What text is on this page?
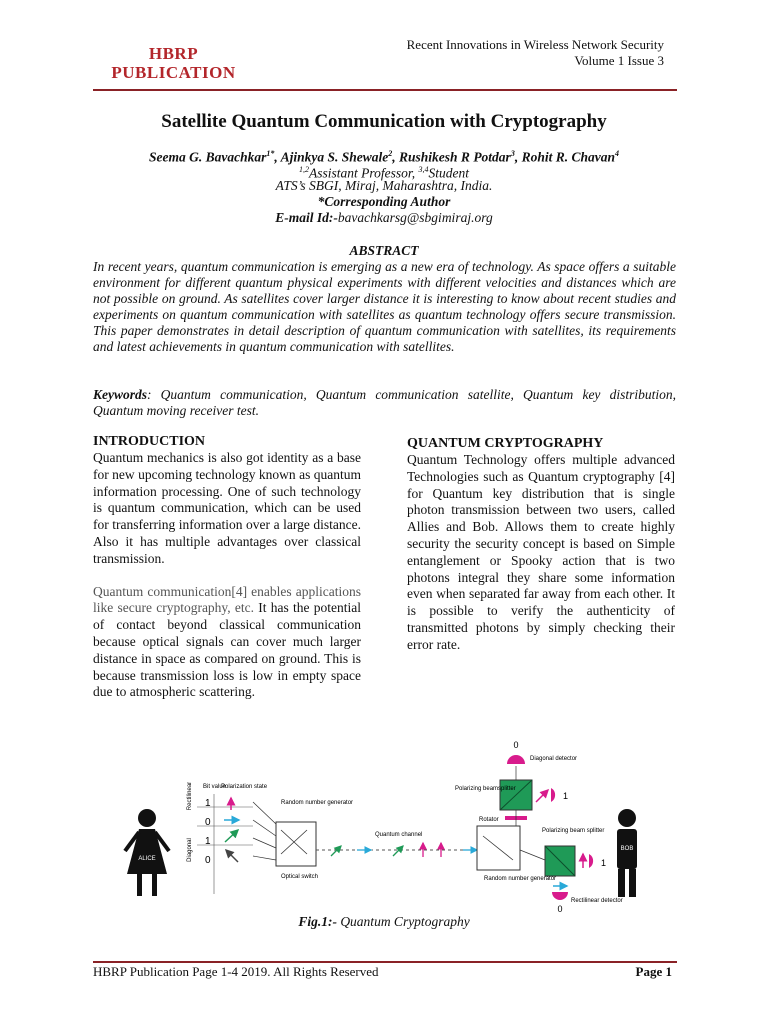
HBRP
PUBLICATION
Recent Innovations in Wireless Network Security
Volume 1 Issue 3
Satellite Quantum Communication with Cryptography
Seema G. Bavachkar$^{1*}$, Ajinkya S. Shewale$^2$, Rushikesh R Potdar$^3$, Rohit R. Chavan$^4$
$^{1,2}$Assistant Professor, $^{3,4}$Student
ATS’s SBGI, Miraj, Maharashtra, India.
*Corresponding Author
E-mail Id:-bavachkarsg@sbgimiraj.org
ABSTRACT
In recent years, quantum communication is emerging as a new era of technology. As space offers a suitable environment for different quantum physical experiments with different velocities and distances which are not possible on ground. As satellites cover larger distance it is interesting to know about recent studies and experiments on quantum communication with satellites as quantum technology offers secure transmission. This paper demonstrates in detail description of quantum communication with satellites, its requirements and latest achievements in quantum communication with satellites.
Keywords: Quantum communication, Quantum communication satellite, Quantum key distribution, Quantum moving receiver test.
INTRODUCTION
Quantum mechanics is also got identity as a base for new upcoming technology known as quantum information processing. One of such technology is quantum communication, which can be used for transferring information over a large distance. Also it has multiple advantages over classical transmission.
Quantum communication[4] enables applications like secure cryptography, etc. It has the potential of contact beyond classical communication because optical signals can cover much larger distance in space as compared on ground. This is because transmission loss is low in empty space due to atmospheric scattering.
QUANTUM CRYPTOGRAPHY
Quantum Technology offers multiple advanced Technologies such as Quantum cryptography [4] for Quantum key distribution that is single photon transmission between two users, called Allies and Bob. Allows them to create highly security the security concept is based on Simple entanglement or Spooky action that is two photons integral they share some information even when separated far away from each other. It is possible to verify the authenticity of transmitted photons by simply checking their error rate.
ALICE
Rectilinear
Diagonal
Bit value
Polarization state
1
0
1
0
Random number generator
Optical switch
Quantum channel
Random number generator
Polarizing beamsplitter
Rotator
0
Diagonal detector
1
Polarizing beam splitter
1
0
Rectilinear detector
BOB
Fig.1:- Quantum Cryptography
HBRP Publication Page 1-4 2019. All Rights Reserved	Page 1
